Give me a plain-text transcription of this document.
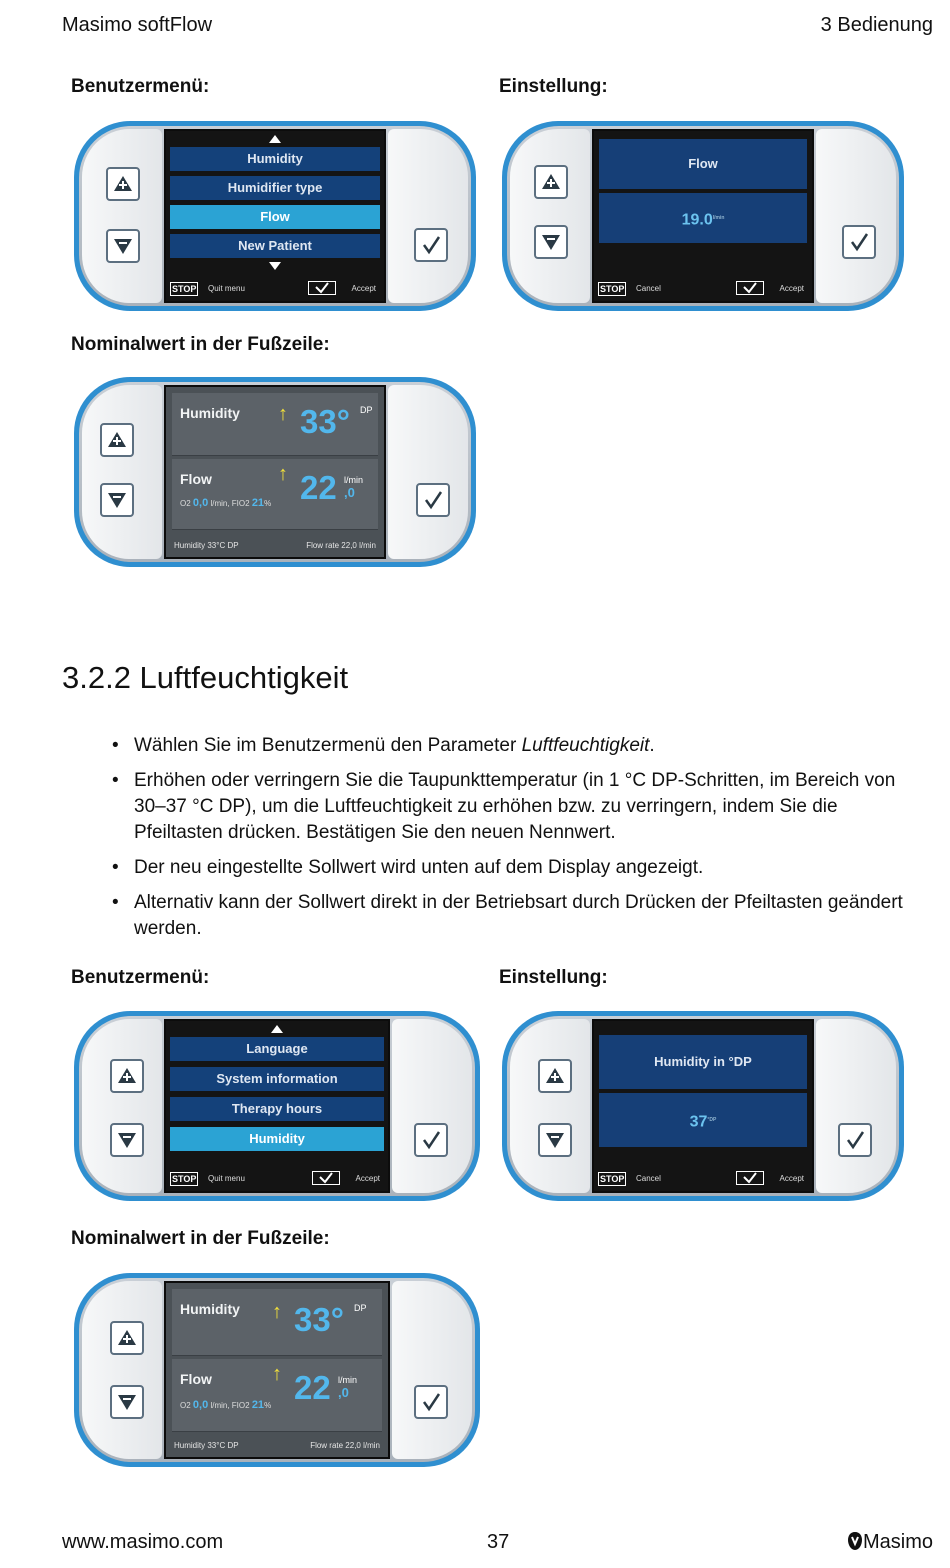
Masimo softFlow	3 Bedienung
Benutzermenü:	Einstellung:
Humidity
Humidifier type
Flow
New Patient
STOP Quit menu	Accept
Flow
$19.0^{l/min}$
STOP Cancel	Accept
Nominalwert in der Fußzeile:
Humidity ↑ 33° DP
Flow	↑ 22 l/min
,0
O2 0,0 l/min, FIO2 21%
Humidity 33°C DP	Flow rate 22,0 l/min
3.2.2 Luftfeuchtigkeit
• Wählen Sie im Benutzermenü den Parameter Luftfeuchtigkeit.
• Erhöhen oder verringern Sie die Taupunkttemperatur (in 1 °C DP-Schritten, im Bereich von 30–37 °C DP), um die Luftfeuchtigkeit zu erhöhen bzw. zu verringern, indem Sie die Pfeiltasten drücken. Bestätigen Sie den neuen Nennwert.
• Der neu eingestellte Sollwert wird unten auf dem Display angezeigt.
• Alternativ kann der Sollwert direkt in der Betriebsart durch Drücken der Pfeiltasten geändert werden.
Benutzermenü:	Einstellung:
Language
System information
Therapy hours
Humidity
STOP Quit menu	Accept
Humidity in °DP
$37^{^\circ DP}$
STOP Cancel	Accept
Nominalwert in der Fußzeile:
Humidity ↑ 33° DP
Flow	↑ 22 l/min
,0
O2 0,0 l/min, FIO2 21%
Humidity 33°C DP	Flow rate 22,0 l/min
www.masimo.com	37	Masimo
